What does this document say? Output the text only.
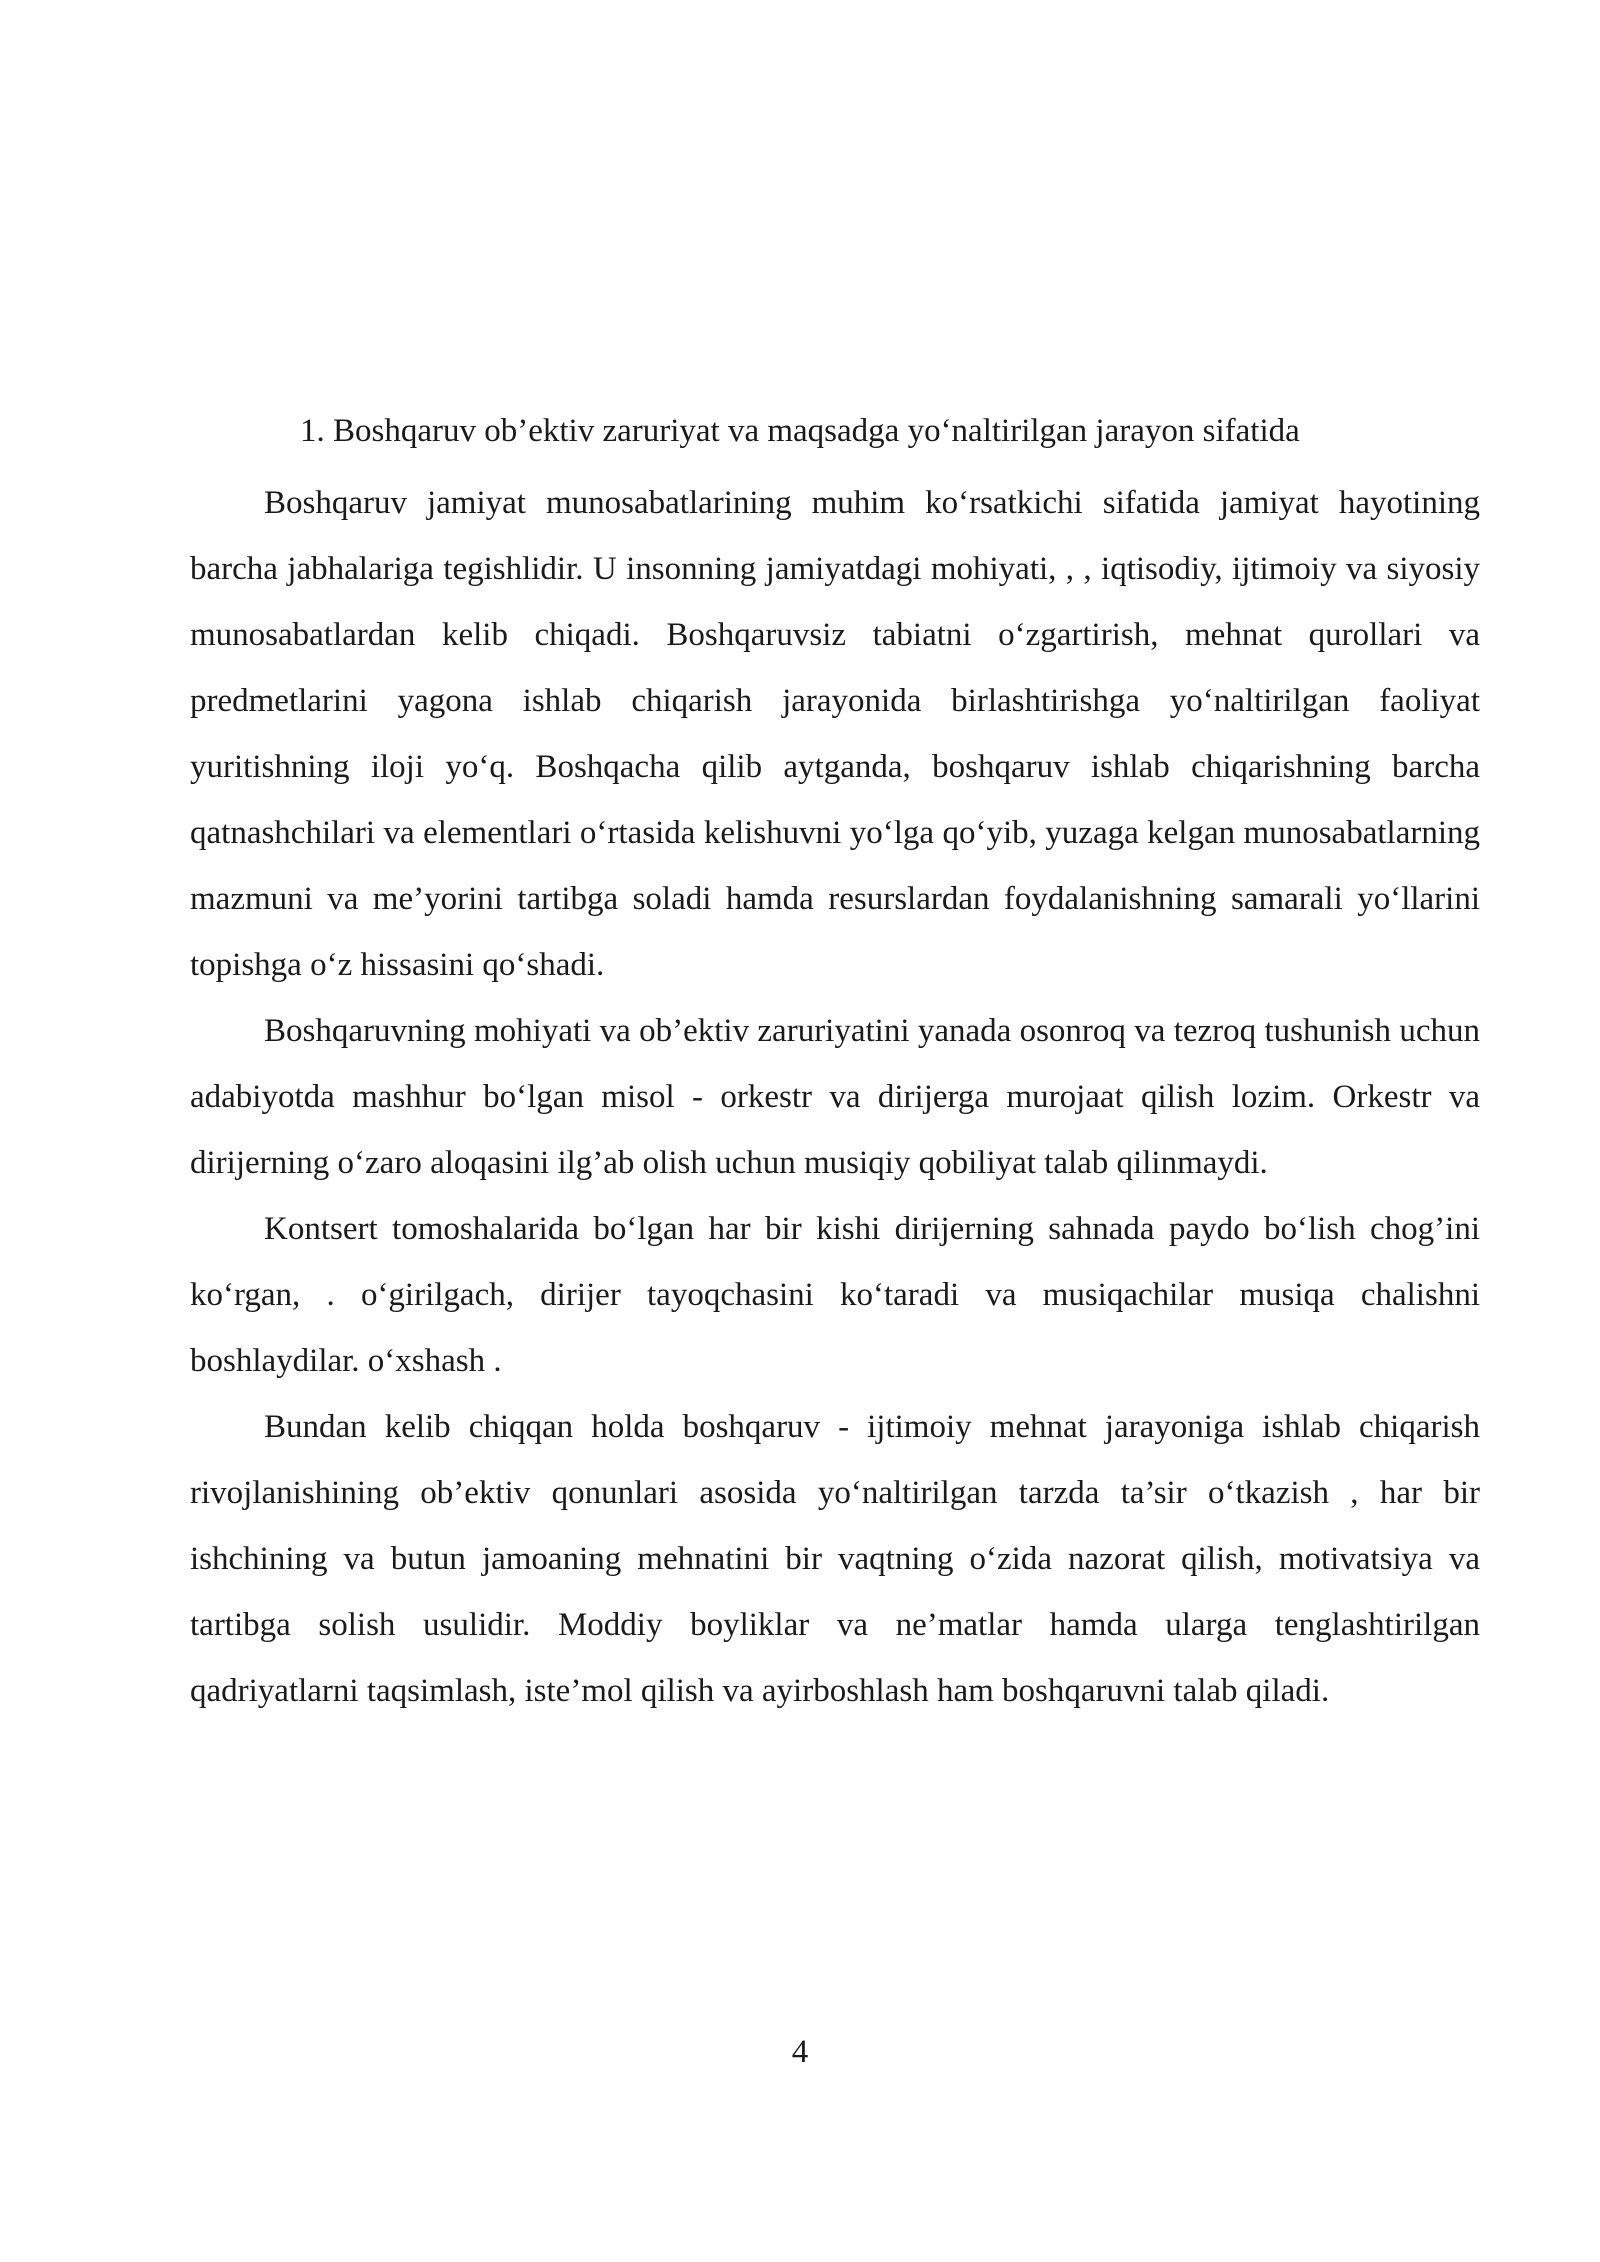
1. Boshqaruv ob’ektiv zaruriyat va maqsadga yo‘naltirilgan jarayon sifatida

Boshqaruv jamiyat munosabatlarining muhim ko‘rsatkichi sifatida jamiyat hayotining barcha jabhalariga tegishlidir. U insonning jamiyatdagi mohiyati, , , iqtisodiy, ijtimoiy va siyosiy munosabatlardan kelib chiqadi. Boshqaruvsiz tabiatni o‘zgartirish, mehnat qurollari va predmetlarini yagona ishlab chiqarish jarayonida birlashtirishga yo‘naltirilgan faoliyat yuritishning iloji yo‘q. Boshqacha qilib aytganda, boshqaruv ishlab chiqarishning barcha qatnashchilari va elementlari o‘rtasida kelishuvni yo‘lga qo‘yib, yuzaga kelgan munosabatlarning mazmuni va me’yorini tartibga soladi hamda resurslardan foydalanishning samarali yo‘llarini topishga o‘z hissasini qo‘shadi.

Boshqaruvning mohiyati va ob’ektiv zaruriyatini yanada osonroq va tezroq tushunish uchun adabiyotda mashhur bo‘lgan misol - orkestr va dirijerga murojaat qilish lozim. Orkestr va dirijerning o‘zaro aloqasini ilg’ab olish uchun musiqiy qobiliyat talab qilinmaydi.

Kontsert tomoshalarida bo‘lgan har bir kishi dirijerning sahnada paydo bo‘lish chog’ini ko‘rgan, . o‘girilgach, dirijer tayoqchasini ko‘taradi va musiqachilar musiqa chalishni boshlaydilar. o‘xshash .

Bundan kelib chiqqan holda boshqaruv - ijtimoiy mehnat jarayoniga ishlab chiqarish rivojlanishining ob’ektiv qonunlari asosida yo‘naltirilgan tarzda ta’sir o‘tkazish , har bir ishchining va butun jamoaning mehnatini bir vaqtning o‘zida nazorat qilish, motivatsiya va tartibga solish usulidir. Moddiy boyliklar va ne’matlar hamda ularga tenglashtirilgan qadriyatlarni taqsimlash, iste’mol qilish va ayirboshlash ham boshqaruvni talab qiladi.

4
